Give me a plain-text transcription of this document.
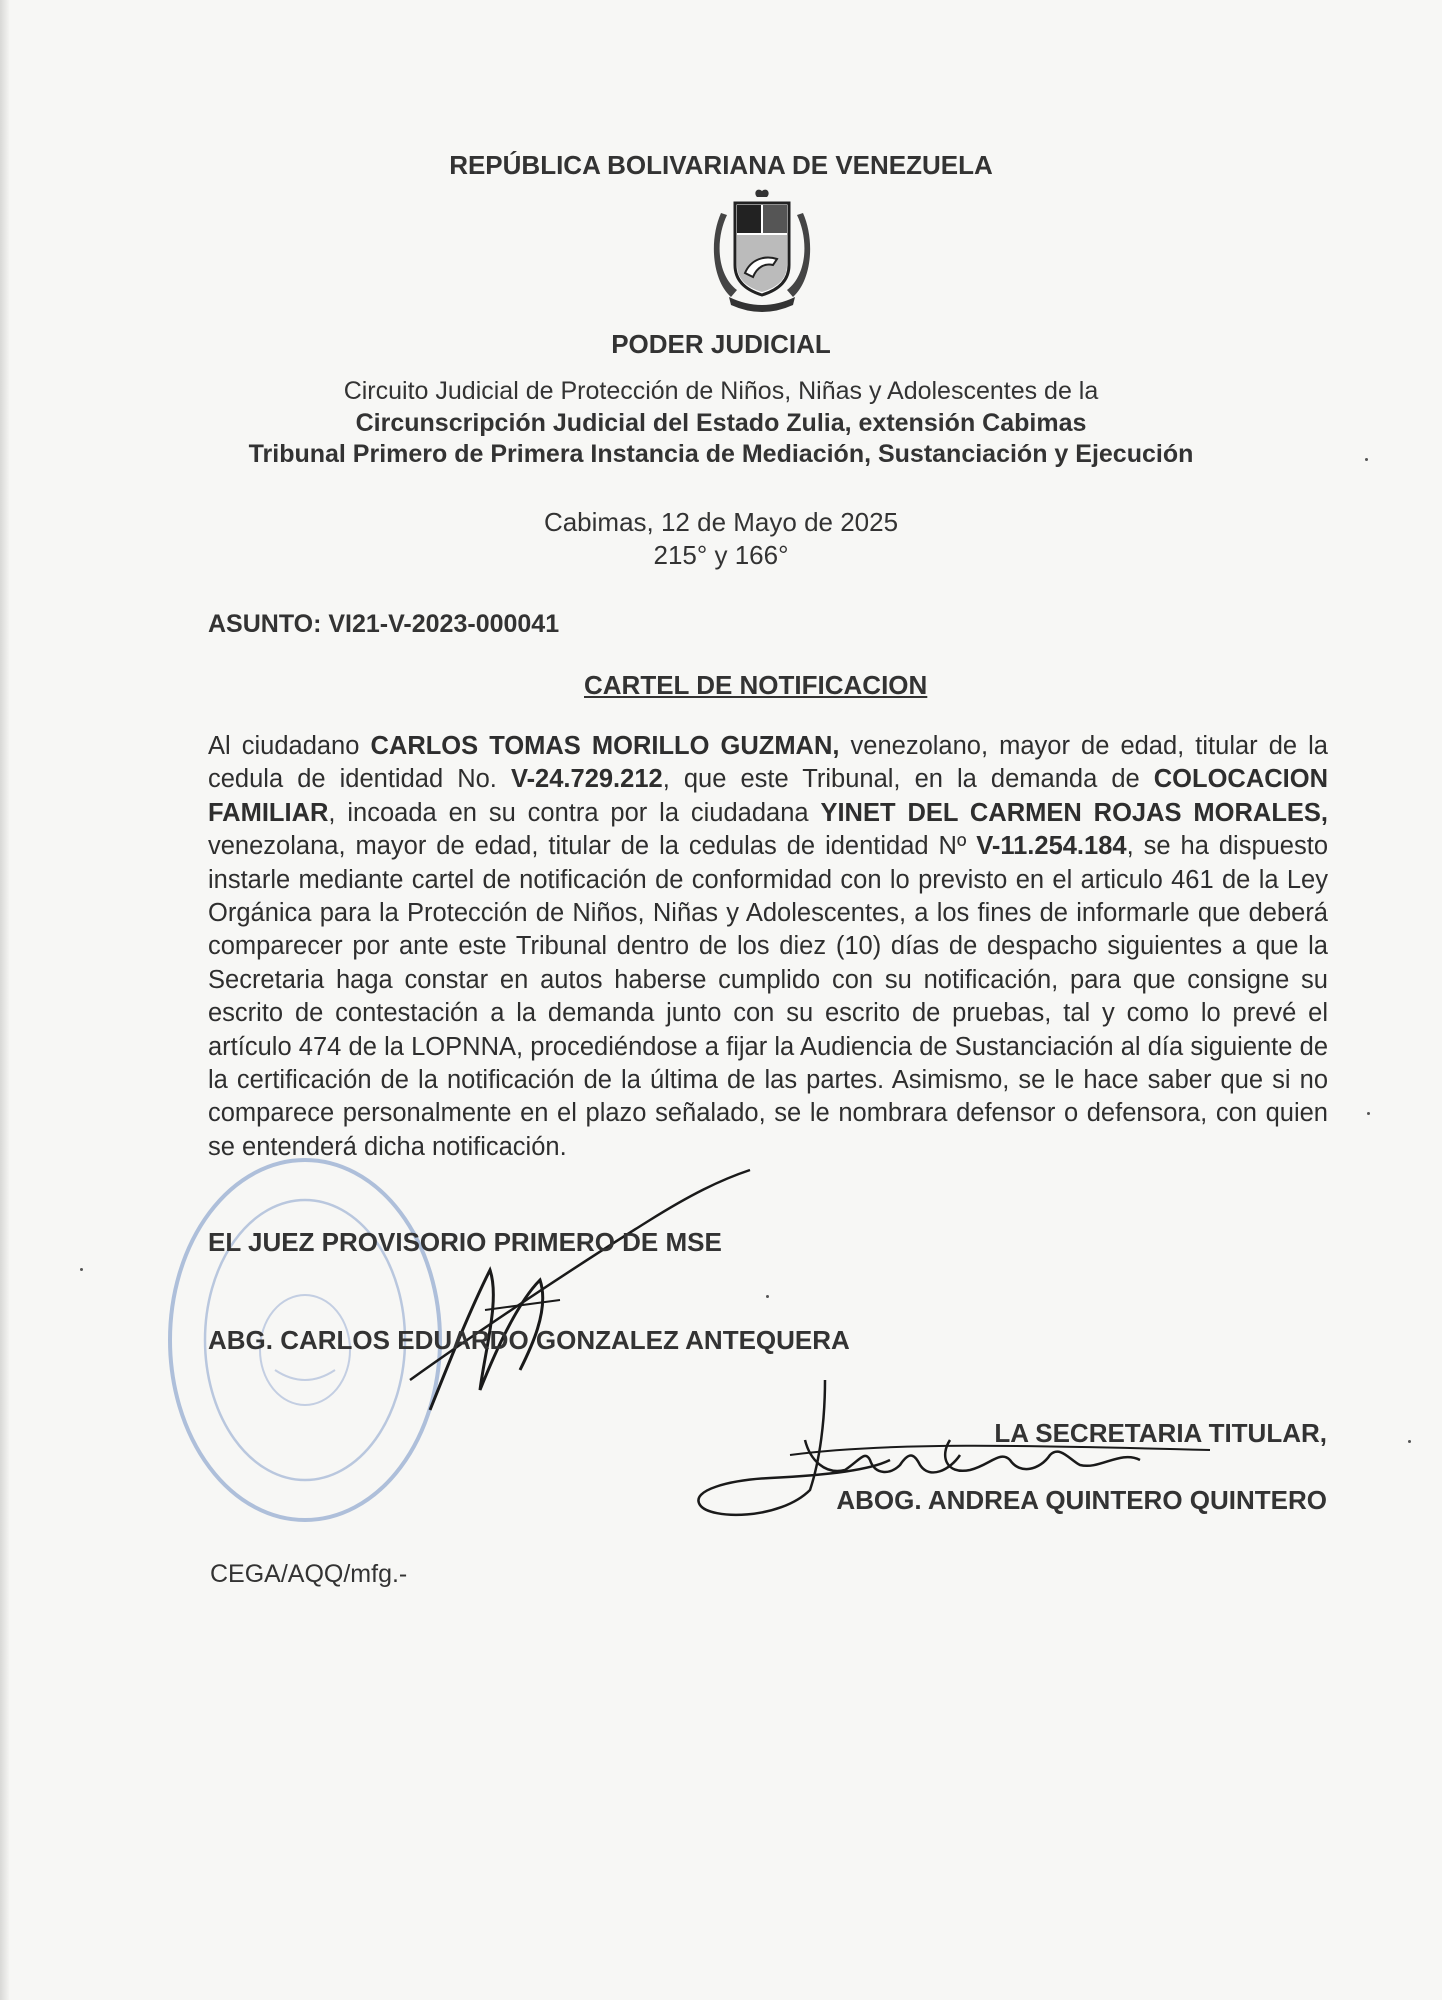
REPÚBLICA BOLIVARIANA DE VENEZUELA
PODER JUDICIAL
Circuito Judicial de Protección de Niños, Niñas y Adolescentes de la
Circunscripción Judicial del Estado Zulia, extensión Cabimas
Tribunal Primero de Primera Instancia de Mediación, Sustanciación y Ejecución
Cabimas, 12 de Mayo de 2025
215° y 166°
ASUNTO: VI21-V-2023-000041
CARTEL DE NOTIFICACION
Al ciudadano CARLOS TOMAS MORILLO GUZMAN, venezolano, mayor de edad, titular de la cedula de identidad No. V-24.729.212, que este Tribunal, en la demanda de COLOCACION FAMILIAR, incoada en su contra por la ciudadana YINET DEL CARMEN ROJAS MORALES, venezolana, mayor de edad, titular de la cedulas de identidad Nº V-11.254.184, se ha dispuesto instarle mediante cartel de notificación de conformidad con lo previsto en el articulo 461 de la Ley Orgánica para la Protección de Niños, Niñas y Adolescentes, a los fines de informarle que deberá comparecer por ante este Tribunal dentro de los diez (10) días de despacho siguientes a que la Secretaria haga constar en autos haberse cumplido con su notificación, para que consigne su escrito de contestación a la demanda junto con su escrito de pruebas, tal y como lo prevé el artículo 474 de la LOPNNA, procediéndose a fijar la Audiencia de Sustanciación al día siguiente de la certificación de la notificación de la última de las partes. Asimismo, se le hace saber que si no comparece personalmente en el plazo señalado, se le nombrara defensor o defensora, con quien se entenderá dicha notificación.
EL JUEZ PROVISORIO PRIMERO DE MSE
ABG. CARLOS EDUARDO GONZALEZ ANTEQUERA
LA SECRETARIA TITULAR,
ABOG. ANDREA QUINTERO QUINTERO
CEGA/AQQ/mfg.-
